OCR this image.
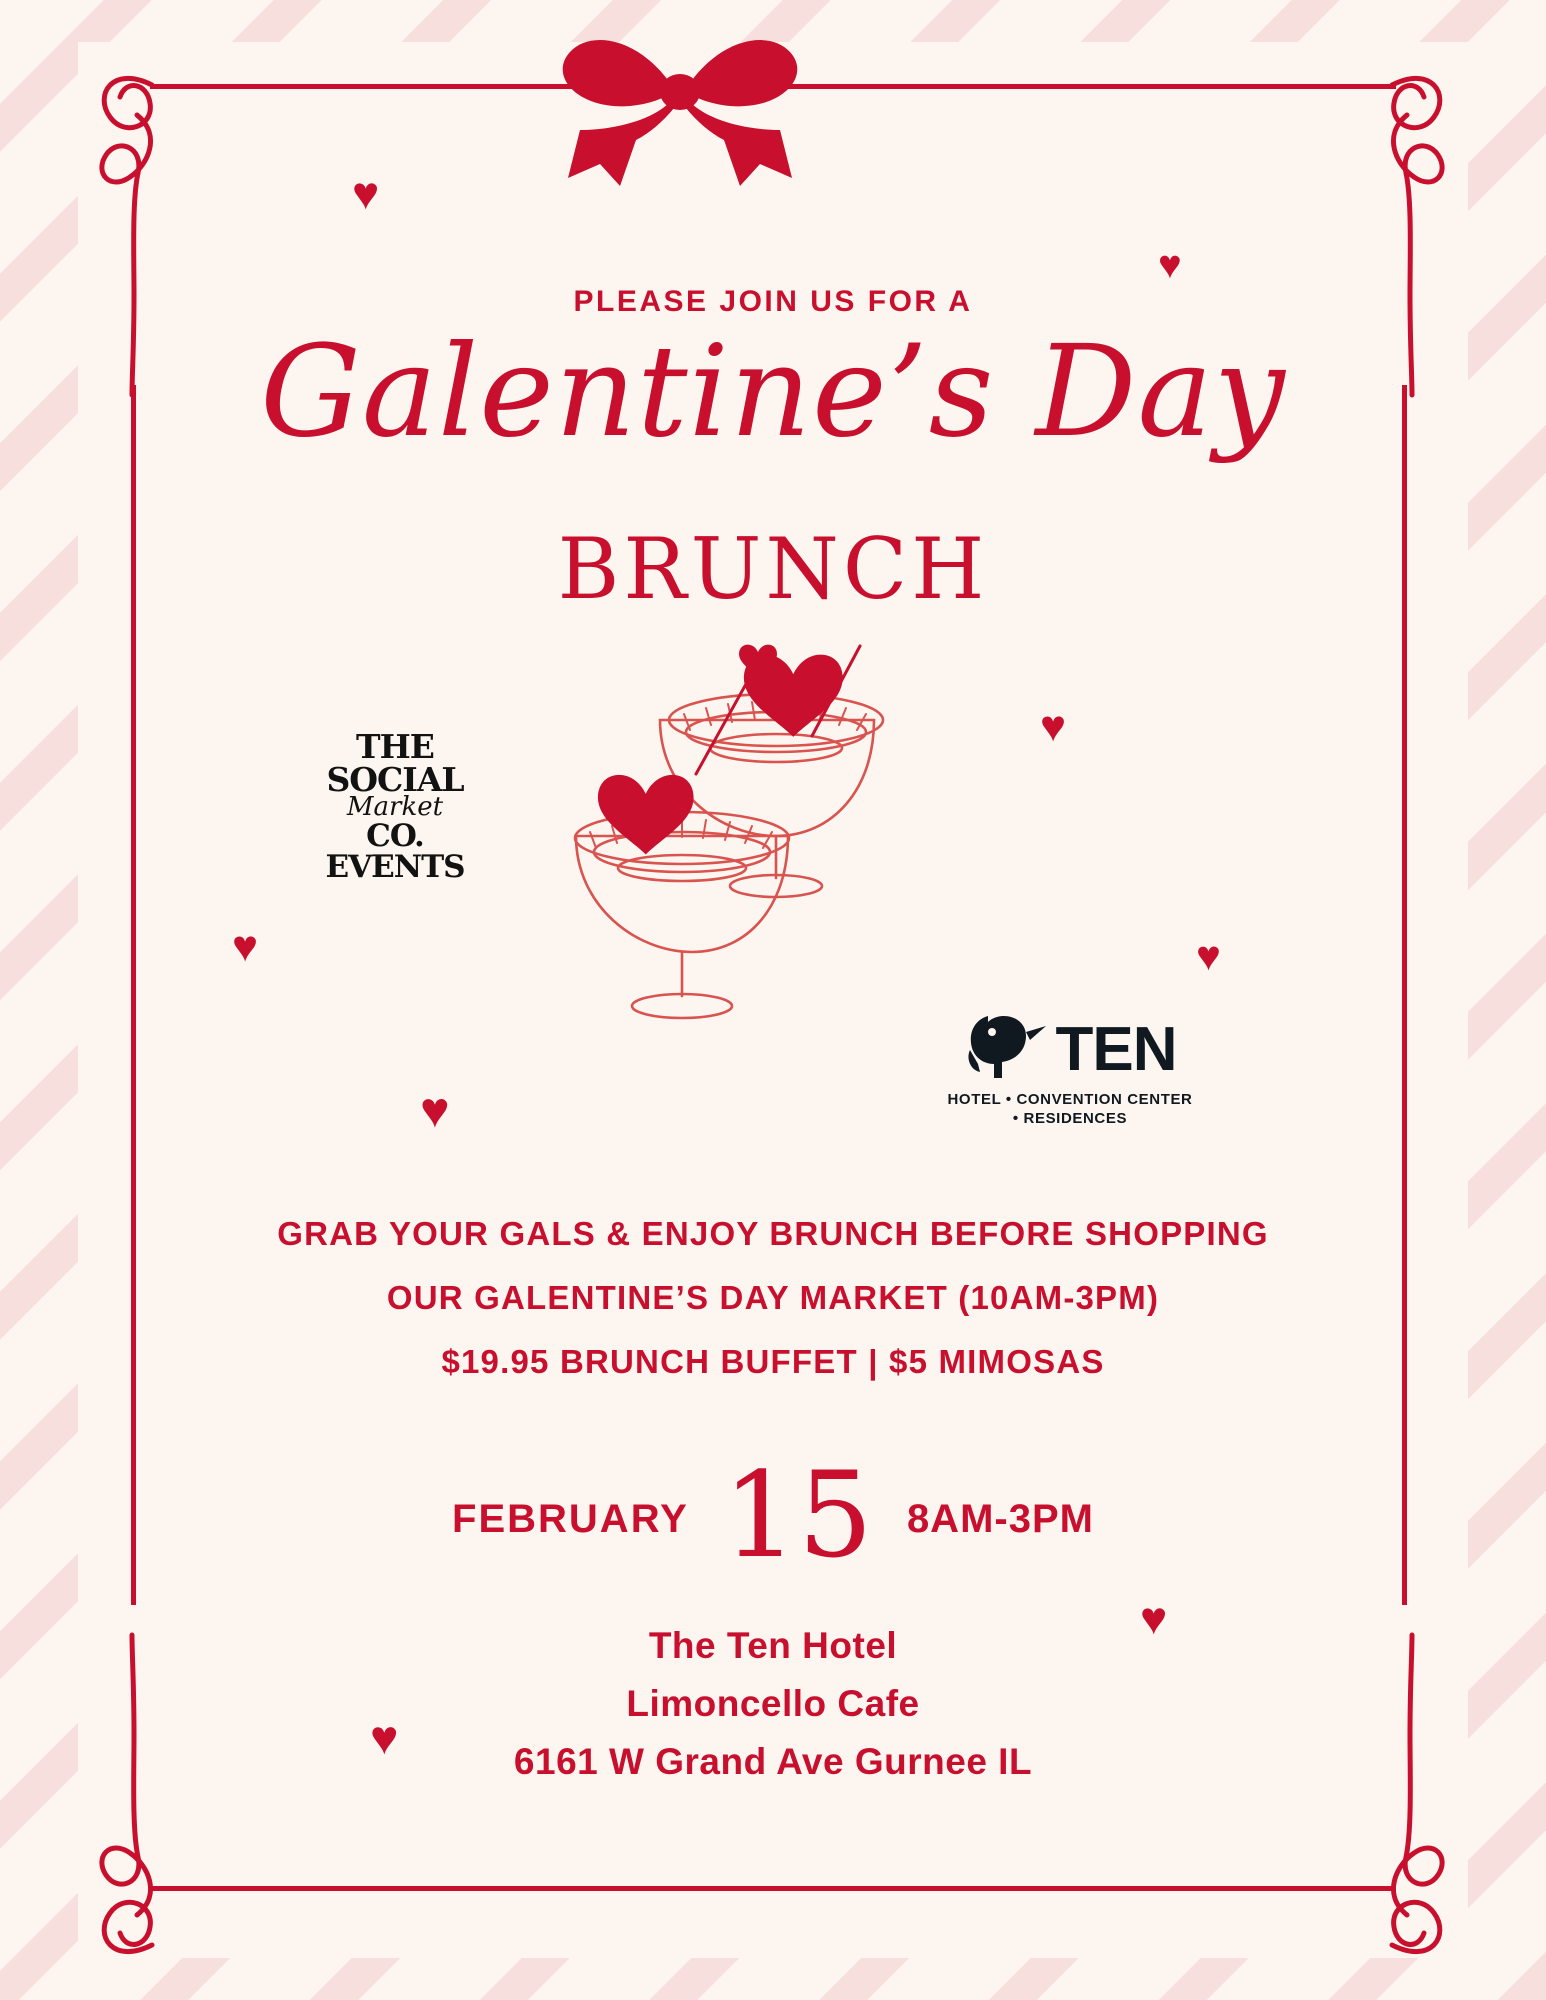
♥
♥
♥
♥	♥
♥
♥
♥
PLEASE JOIN US FOR A
Galentine’s Day
BRUNCH
THE SOCIAL
Market
CO. EVENTS
TEN
HOTEL • CONVENTION CENTER
• RESIDENCES
GRAB YOUR GALS & ENJOY BRUNCH BEFORE SHOPPING
OUR GALENTINE’S DAY MARKET (10AM-3PM)
$19.95 BRUNCH BUFFET | $5 MIMOSAS
FEBRUARY 15 8AM-3PM
The Ten Hotel
Limoncello Cafe
6161 W Grand Ave Gurnee IL
